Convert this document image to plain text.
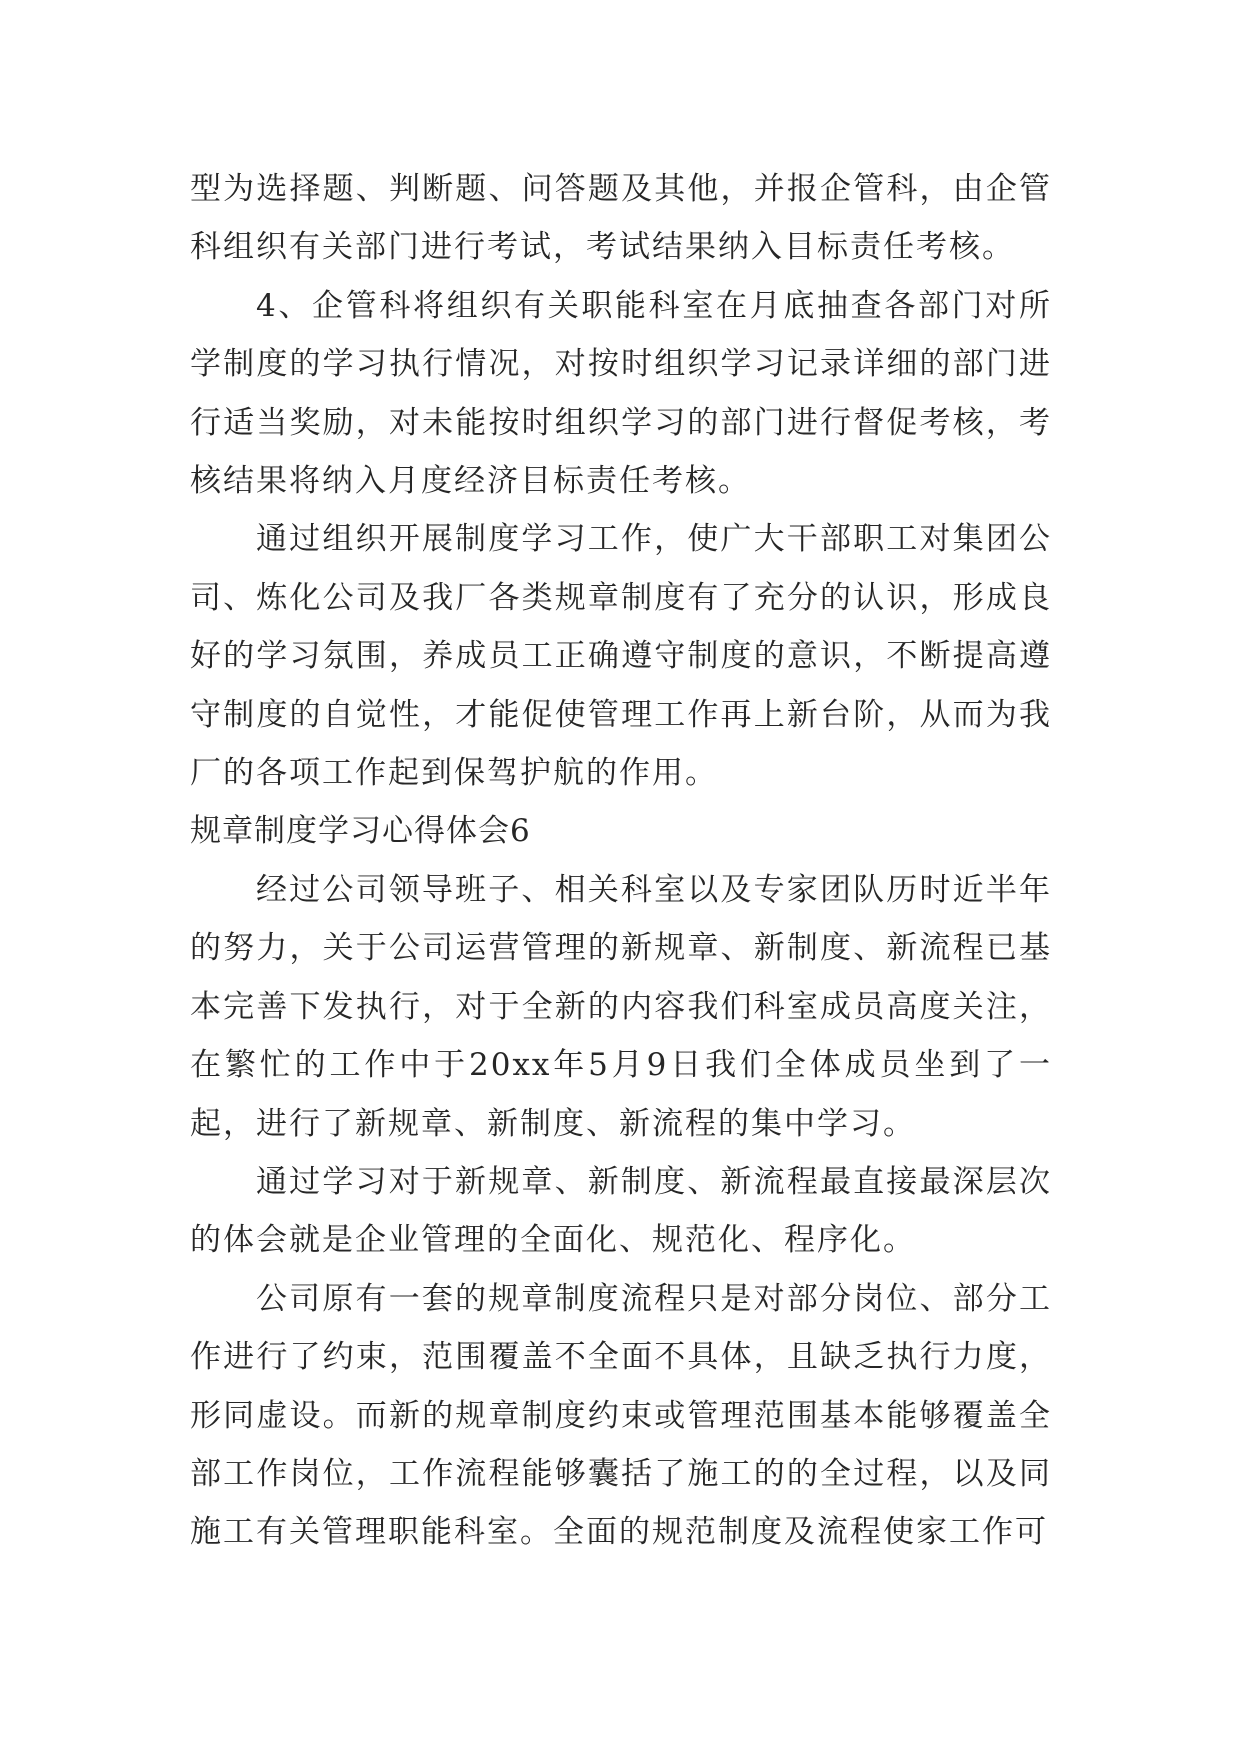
型为选择题、判断题、问答题及其他，并报企管科，由企管科组织有关部门进行考试，考试结果纳入目标责任考核。

4、企管科将组织有关职能科室在月底抽查各部门对所学制度的学习执行情况，对按时组织学习记录详细的部门进行适当奖励，对未能按时组织学习的部门进行督促考核，考核结果将纳入月度经济目标责任考核。

通过组织开展制度学习工作，使广大干部职工对集团公司、炼化公司及我厂各类规章制度有了充分的认识，形成良好的学习氛围，养成员工正确遵守制度的意识，不断提高遵守制度的自觉性，才能促使管理工作再上新台阶，从而为我厂的各项工作起到保驾护航的作用。

规章制度学习心得体会6

经过公司领导班子、相关科室以及专家团队历时近半年的努力，关于公司运营管理的新规章、新制度、新流程已基本完善下发执行，对于全新的内容我们科室成员高度关注，在繁忙的工作中于20xx年5月9日我们全体成员坐到了一起，进行了新规章、新制度、新流程的集中学习。

通过学习对于新规章、新制度、新流程最直接最深层次的体会就是企业管理的全面化、规范化、程序化。

公司原有一套的规章制度流程只是对部分岗位、部分工作进行了约束，范围覆盖不全面不具体，且缺乏执行力度，形同虚设。而新的规章制度约束或管理范围基本能够覆盖全部工作岗位，工作流程能够囊括了施工的的全过程，以及同施工有关管理职能科室。全面的规范制度及流程使家工作可
